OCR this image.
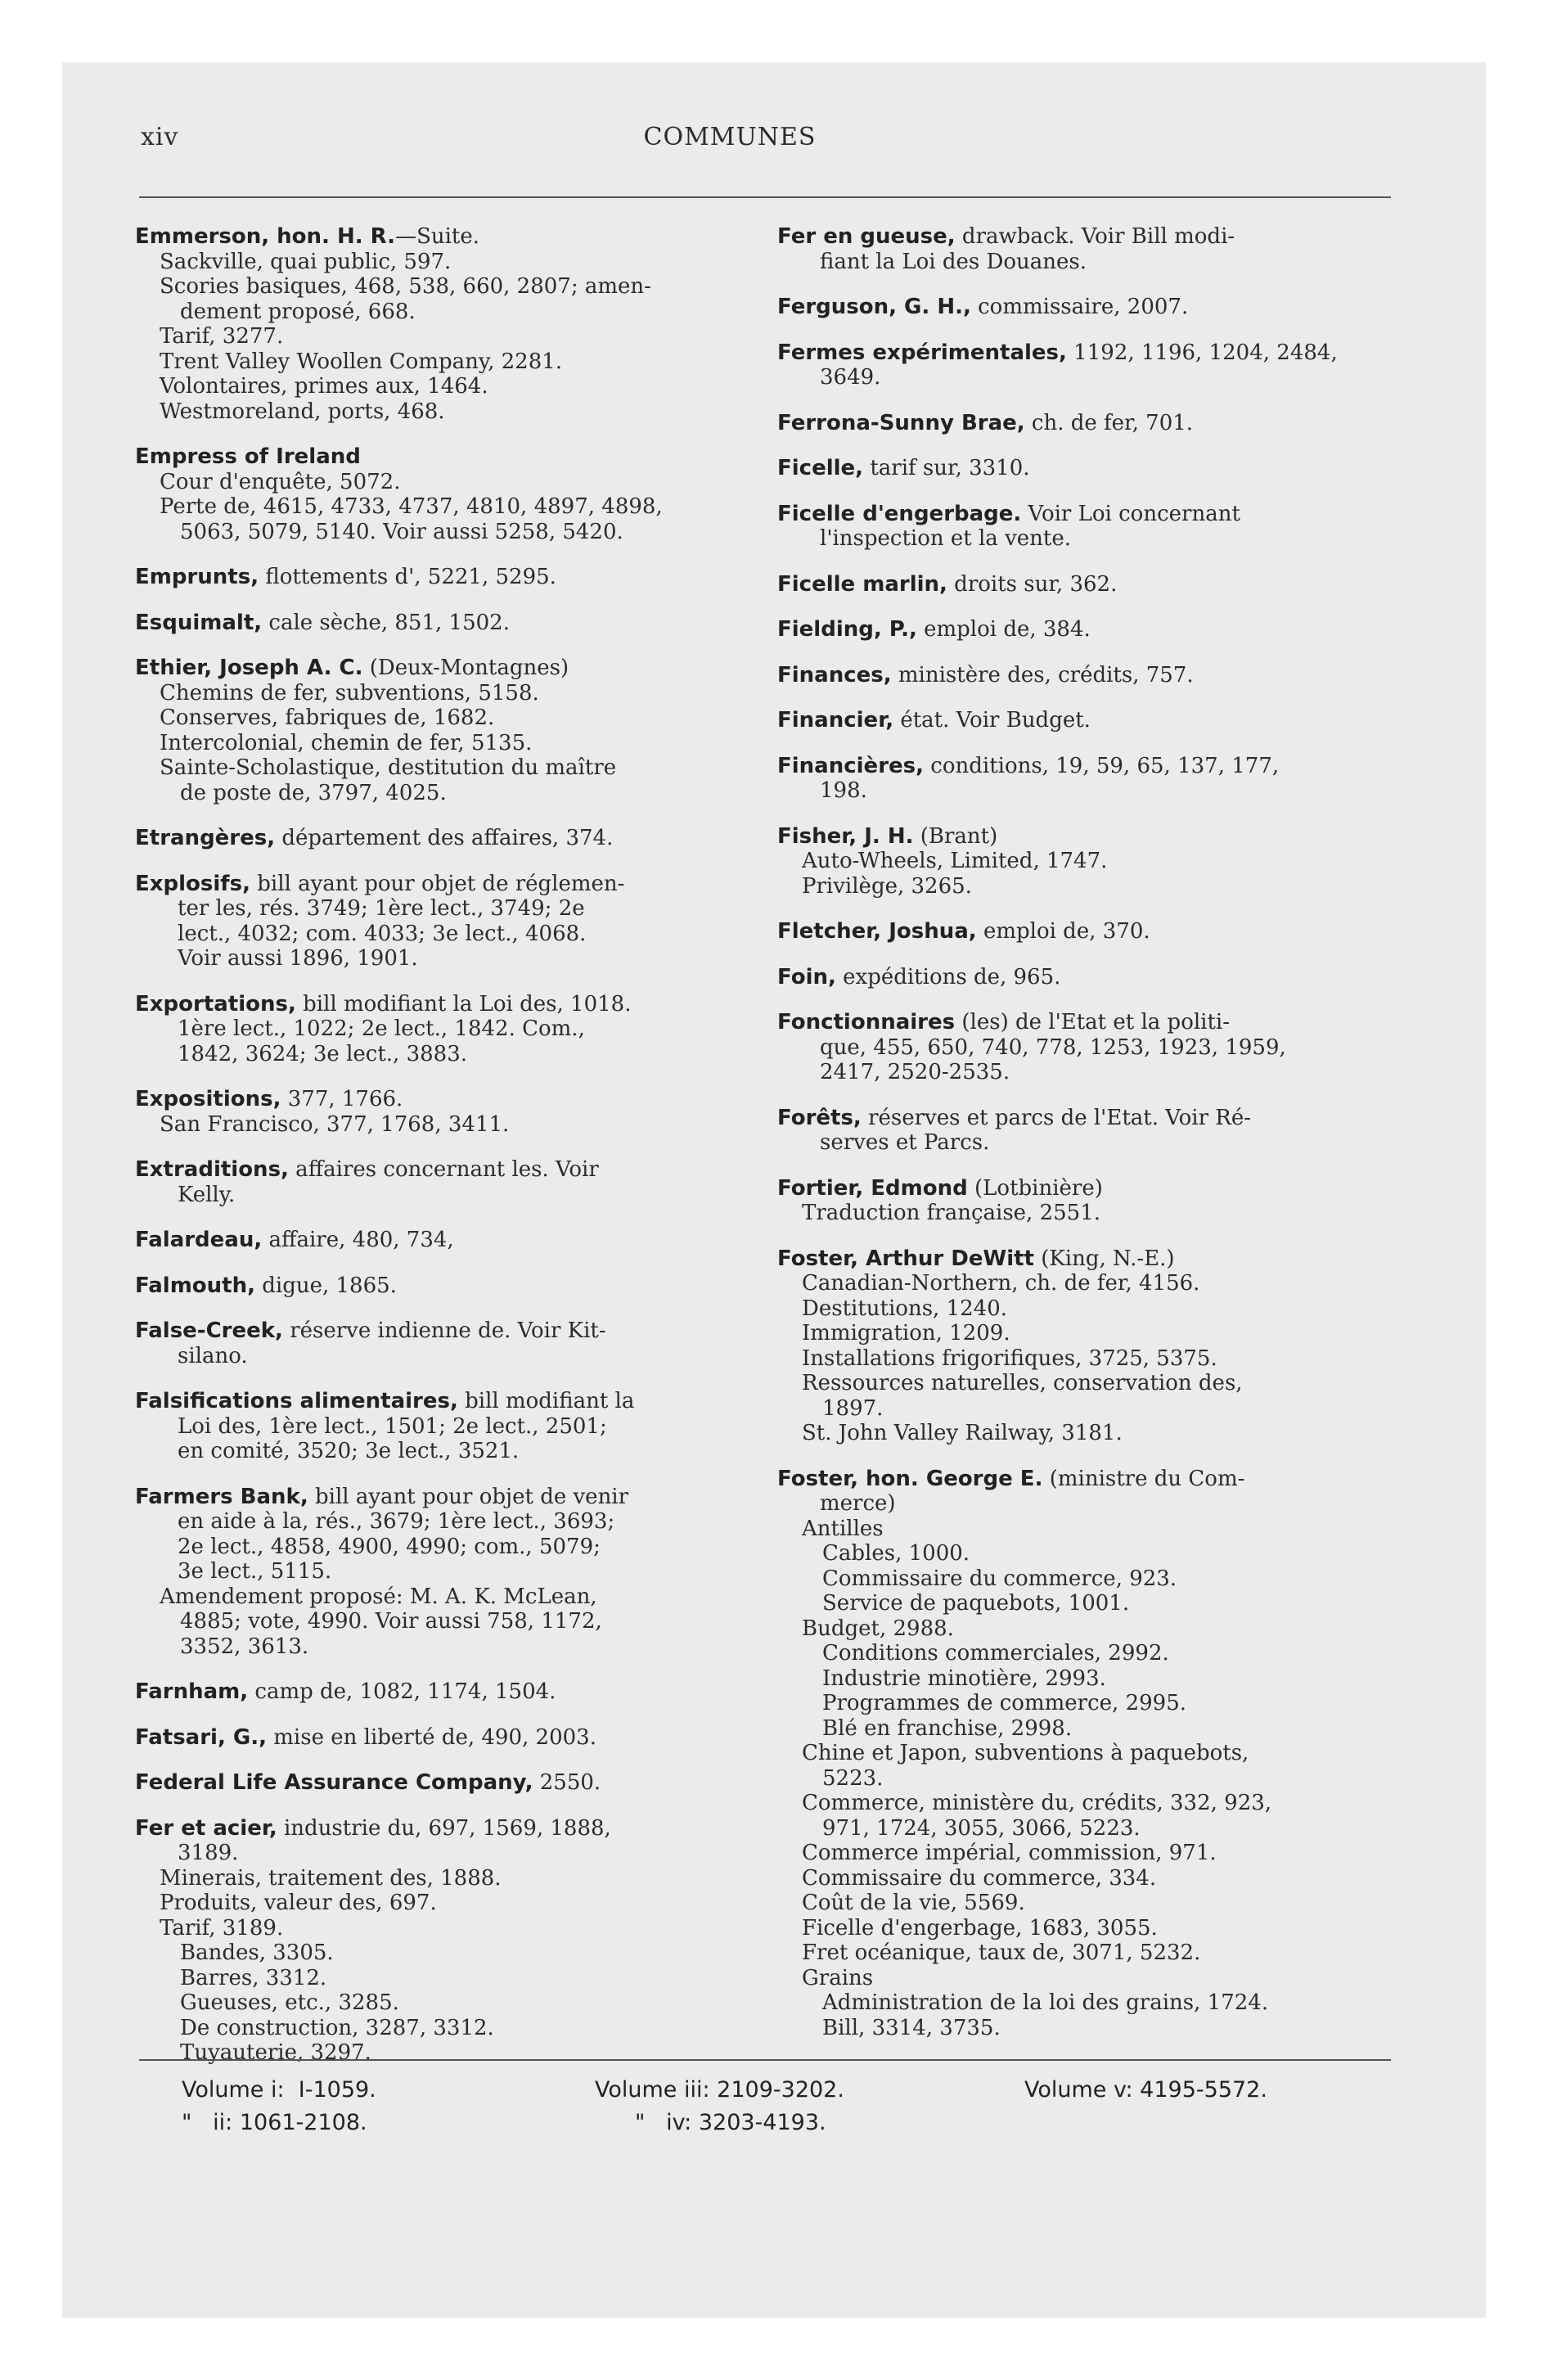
xiv	COMMUNES
Emmerson, hon. H. R.—Suite.
Sackville, quai public, 597.
Scories basiques, 468, 538, 660, 2807; amen-
dement proposé, 668.
Tarif, 3277.
Trent Valley Woollen Company, 2281.
Volontaires, primes aux, 1464.
Westmoreland, ports, 468.
Empress of Ireland
Cour d'enquête, 5072.
Perte de, 4615, 4733, 4737, 4810, 4897, 4898,
5063, 5079, 5140. Voir aussi 5258, 5420.
Emprunts, flottements d', 5221, 5295.
Esquimalt, cale sèche, 851, 1502.
Ethier, Joseph A. C. (Deux-Montagnes)
Chemins de fer, subventions, 5158.
Conserves, fabriques de, 1682.
Intercolonial, chemin de fer, 5135.
Sainte-Scholastique, destitution du maître
de poste de, 3797, 4025.
Etrangères, département des affaires, 374.
Explosifs, bill ayant pour objet de réglemen-
ter les, rés. 3749; 1ère lect., 3749; 2e
lect., 4032; com. 4033; 3e lect., 4068.
Voir aussi 1896, 1901.
Exportations, bill modifiant la Loi des, 1018.
1ère lect., 1022; 2e lect., 1842. Com.,
1842, 3624; 3e lect., 3883.
Expositions, 377, 1766.
San Francisco, 377, 1768, 3411.
Extraditions, affaires concernant les. Voir
Kelly.
Falardeau, affaire, 480, 734,
Falmouth, digue, 1865.
False-Creek, réserve indienne de. Voir Kit-
silano.
Falsifications alimentaires, bill modifiant la
Loi des, 1ère lect., 1501; 2e lect., 2501;
en comité, 3520; 3e lect., 3521.
Farmers Bank, bill ayant pour objet de venir
en aide à la, rés., 3679; 1ère lect., 3693;
2e lect., 4858, 4900, 4990; com., 5079;
3e lect., 5115.
Amendement proposé: M. A. K. McLean,
4885; vote, 4990. Voir aussi 758, 1172,
3352, 3613.
Farnham, camp de, 1082, 1174, 1504.
Fatsari, G., mise en liberté de, 490, 2003.
Federal Life Assurance Company, 2550.
Fer et acier, industrie du, 697, 1569, 1888,
3189.
Minerais, traitement des, 1888.
Produits, valeur des, 697.
Tarif, 3189.
Bandes, 3305.
Barres, 3312.
Gueuses, etc., 3285.
De construction, 3287, 3312.
Tuyauterie, 3297.
Fer en gueuse, drawback. Voir Bill modi-
fiant la Loi des Douanes.
Ferguson, G. H., commissaire, 2007.
Fermes expérimentales, 1192, 1196, 1204, 2484,
3649.
Ferrona-Sunny Brae, ch. de fer, 701.
Ficelle, tarif sur, 3310.
Ficelle d'engerbage. Voir Loi concernant
l'inspection et la vente.
Ficelle marlin, droits sur, 362.
Fielding, P., emploi de, 384.
Finances, ministère des, crédits, 757.
Financier, état. Voir Budget.
Financières, conditions, 19, 59, 65, 137, 177,
198.
Fisher, J. H. (Brant)
Auto-Wheels, Limited, 1747.
Privilège, 3265.
Fletcher, Joshua, emploi de, 370.
Foin, expéditions de, 965.
Fonctionnaires (les) de l'Etat et la politi-
que, 455, 650, 740, 778, 1253, 1923, 1959,
2417, 2520-2535.
Forêts, réserves et parcs de l'Etat. Voir Ré-
serves et Parcs.
Fortier, Edmond (Lotbinière)
Traduction française, 2551.
Foster, Arthur DeWitt (King, N.-E.)
Canadian-Northern, ch. de fer, 4156.
Destitutions, 1240.
Immigration, 1209.
Installations frigorifiques, 3725, 5375.
Ressources naturelles, conservation des,
1897.
St. John Valley Railway, 3181.
Foster, hon. George E. (ministre du Com-
merce)
Antilles
Cables, 1000.
Commissaire du commerce, 923.
Service de paquebots, 1001.
Budget, 2988.
Conditions commerciales, 2992.
Industrie minotière, 2993.
Programmes de commerce, 2995.
Blé en franchise, 2998.
Chine et Japon, subventions à paquebots,
5223.
Commerce, ministère du, crédits, 332, 923,
971, 1724, 3055, 3066, 5223.
Commerce impérial, commission, 971.
Commissaire du commerce, 334.
Coût de la vie, 5569.
Ficelle d'engerbage, 1683, 3055.
Fret océanique, taux de, 3071, 5232.
Grains
Administration de la loi des grains, 1724.
Bill, 3314, 3735.
Volume i:  I-1059.	Volume iii: 2109-3202.	Volume v: 4195-5572.
"   ii: 1061-2108.	"   iv: 3203-4193.
